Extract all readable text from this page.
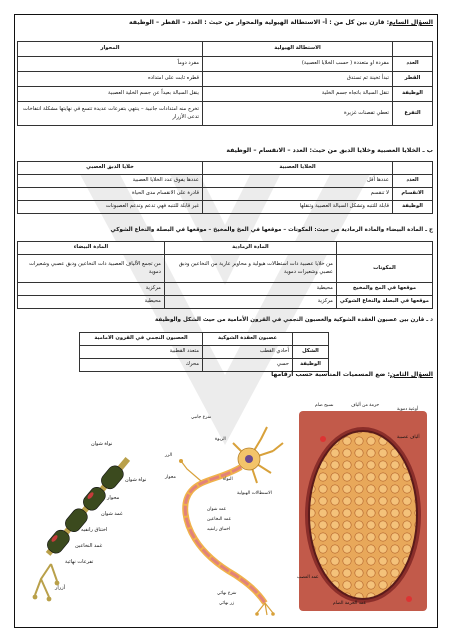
السؤال السابع: قارن بين كل من : أ- الاستطالة الهيولية والمحوار من حيث : العدد – القطر – الوظيفة
	الاستطالة الهيولية	المحوار
العدد	مفردة او متعددة ( حسب الخلايا العصبية)	مفرد دوماً
القطر	تبدأ ثخينة ثم تستدق	قطره ثابت على امتداده
الوظيفة	تنقل السيالة باتجاه جسم الخلية	ينقل السيالة بعيداً عن جسم الخلية العصبية
التفرع	تعطي تفصنات غزيرة	تخرج منه امتدادات جانبية – ينتهي بتفرعات عديدة تتسع في نهايتها مشكلة انتفاخات تدعى الأزرار
ب ـ الخلايا العصبية وخلايا الدبق من حيث: العدد – الانقسام – الوظيفة
	الخلايا العصبية	خلايا الدبق العصبي
العدد	عددها أقل	عددها يفوق عدد الخلايا العصبية
الانقسام	لا تنقسم	قادرة على الانقسام مدى الحياة
الوظيفة	قابلة للتنبه وتشكل السيالة العصبية وتنقلها	غير قابلة للتنبه فهي تدعم وتدعم العصبونات
ج ـ المادة البيضاء والمادة الرمادية من حيث: المكونات – موقعها في المخ والمخيخ – موقعها في البصلة والنخاع الشوكي
	المادة الرمادية	المادة البيضاء
المكونات	من خلايا عصبية ذات استطالات هيولية و محاوير عارية من النخاعين ودبق عصبي وشعيرات دموية	من تجمع الألياف العصبية ذات النخاعين ودبق عصبي وشعيرات دموية
موقعها في المخ والمخيخ	محيطية	مركزية
موقعها في البصلة والنخاع الشوكي	مركزية	محيطية
د ـ قارن بين عصبون العقدة الشوكية والعصبون النجمي في القرون الأمامية من حيث الشكل والوظيفة
	عصبون العقدة الشوكية	العصبون النجمي في القرون الامامية
الشكل	أحادي القطب	متعدد القطبية
الوظيفة	حسي	محرك
السؤال الثامن: ضع المسميات المناسبة حسب أرقامها
نواة شوان
نواة شوان
محوار
غمد شوان
اختناق رانفيه
غمد النخاعين
تفرعات نهائية
أزرار
تفرع جانبي
الزر
الربوة
محوار	النواة
الاستطالات الهيولية
غمد شوان
غمد النخاعين
اختناق رانفيه
تفرع نهائي
زر نهائي
حزمة من ألياف
نسيج ضام
أوعية دموية
ألياف عصبية
غمد العصب
غمد الحزمة الضام
